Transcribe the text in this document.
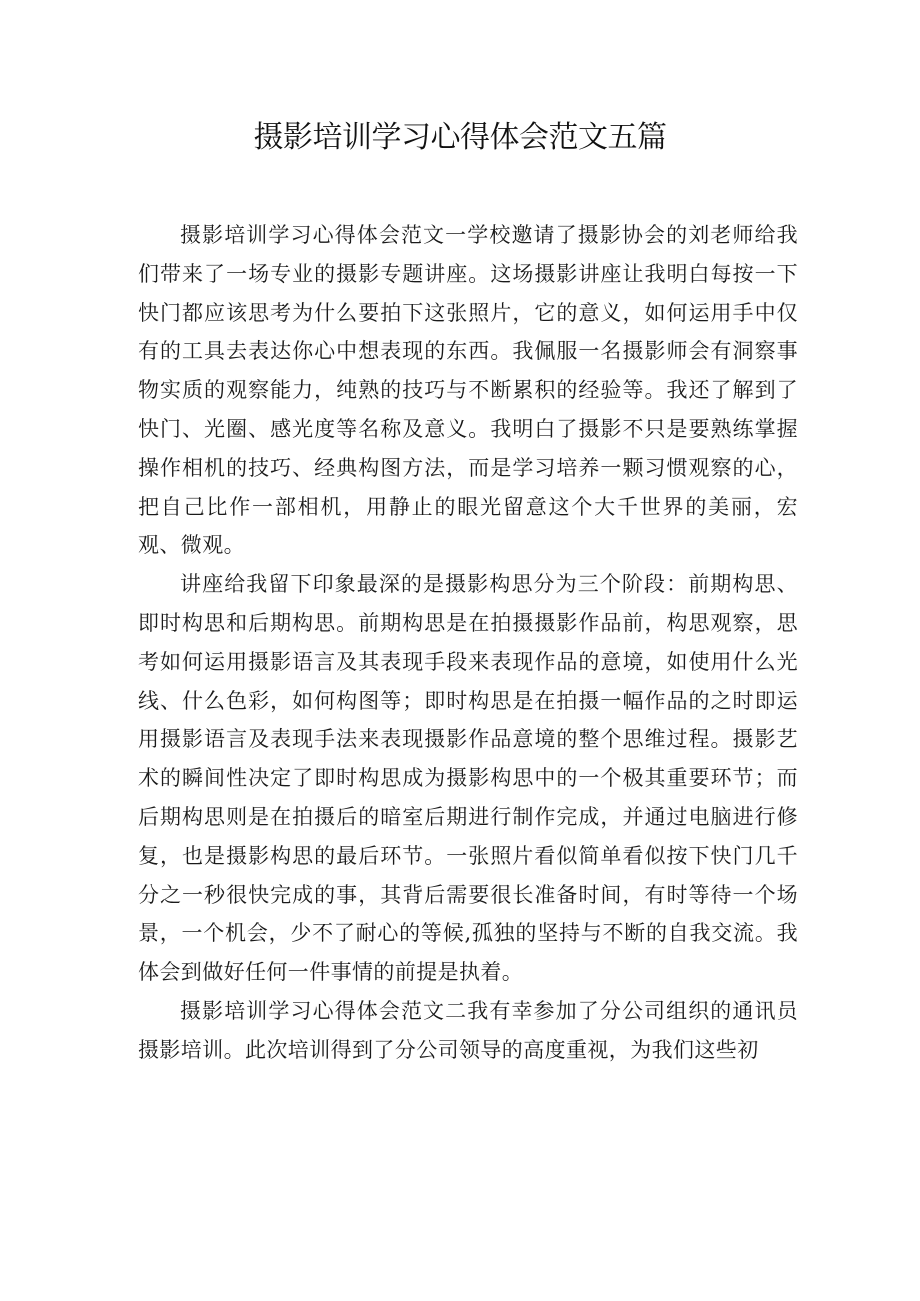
摄影培训学习心得体会范文五篇

摄影培训学习心得体会范文一学校邀请了摄影协会的刘老师给我们带来了一场专业的摄影专题讲座。这场摄影讲座让我明白每按一下快门都应该思考为什么要拍下这张照片，它的意义，如何运用手中仅有的工具去表达你心中想表现的东西。我佩服一名摄影师会有洞察事物实质的观察能力，纯熟的技巧与不断累积的经验等。我还了解到了快门、光圈、感光度等名称及意义。我明白了摄影不只是要熟练掌握操作相机的技巧、经典构图方法，而是学习培养一颗习惯观察的心，把自己比作一部相机，用静止的眼光留意这个大千世界的美丽，宏观、微观。

讲座给我留下印象最深的是摄影构思分为三个阶段：前期构思、即时构思和后期构思。前期构思是在拍摄摄影作品前，构思观察，思考如何运用摄影语言及其表现手段来表现作品的意境，如使用什么光线、什么色彩，如何构图等；即时构思是在拍摄一幅作品的之时即运用摄影语言及表现手法来表现摄影作品意境的整个思维过程。摄影艺术的瞬间性决定了即时构思成为摄影构思中的一个极其重要环节；而后期构思则是在拍摄后的暗室后期进行制作完成，并通过电脑进行修复，也是摄影构思的最后环节。一张照片看似简单看似按下快门几千分之一秒很快完成的事，其背后需要很长准备时间，有时等待一个场景，一个机会，少不了耐心的等候,孤独的坚持与不断的自我交流。我体会到做好任何一件事情的前提是执着。

摄影培训学习心得体会范文二我有幸参加了分公司组织的通讯员摄影培训。此次培训得到了分公司领导的高度重视，为我们这些初
